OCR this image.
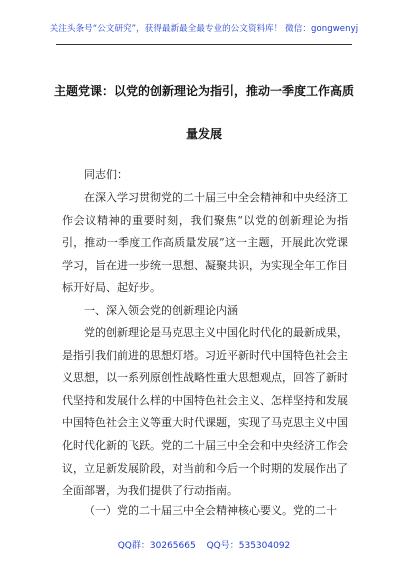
关注头条号“公文研究”，获得最新最全最专业的公文资料库！ 微信：gongwenyj
主题党课：以党的创新理论为指引，推动一季度工作高质
量发展

同志们：

在深入学习贯彻党的二十届三中全会精神和中央经济工作会议精神的重要时刻，我们聚焦“以党的创新理论为指引，推动一季度工作高质量发展”这一主题，开展此次党课学习，旨在进一步统一思想、凝聚共识，为实现全年工作目标开好局、起好步。

一、深入领会党的创新理论内涵

党的创新理论是马克思主义中国化时代化的最新成果，是指引我们前进的思想灯塔。习近平新时代中国特色社会主义思想，以一系列原创性战略性重大思想观点，回答了新时代坚持和发展什么样的中国特色社会主义、怎样坚持和发展中国特色社会主义等重大时代课题，实现了马克思主义中国化时代化新的飞跃。党的二十届三中全会和中央经济工作会议，立足新发展阶段，对当前和今后一个时期的发展作出了全面部署，为我们提供了行动指南。

（一）党的二十届三中全会精神核心要义。党的二十

QQ群：30265665 QQ号：535304092
